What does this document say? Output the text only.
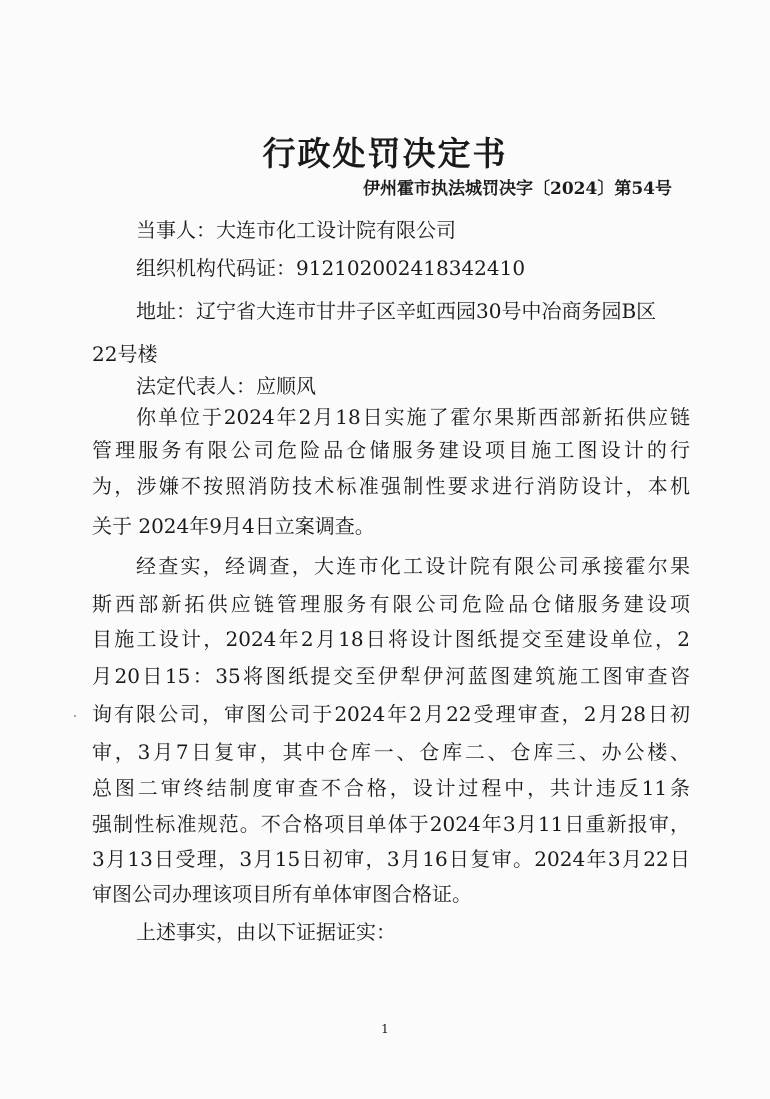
行政处罚决定书
伊州霍市执法城罚决字〔2024〕第54号
当事人：大连市化工设计院有限公司
组织机构代码证：912102002418342410
地址：辽宁省大连市甘井子区辛虹西园30号中冶商务园B区
22号楼
法定代表人：应顺风
你单位于2024年2月18日实施了霍尔果斯西部新拓供应链
管理服务有限公司危险品仓储服务建设项目施工图设计的行
为，涉嫌不按照消防技术标准强制性要求进行消防设计，本机
关于 2024年9月4日立案调查。
经查实，经调查，大连市化工设计院有限公司承接霍尔果
斯西部新拓供应链管理服务有限公司危险品仓储服务建设项
目施工设计，2024年2月18日将设计图纸提交至建设单位，2
月20日15：35将图纸提交至伊犁伊河蓝图建筑施工图审查咨
询有限公司，审图公司于2024年2月22受理审查，2月28日初
审，3月7日复审，其中仓库一、仓库二、仓库三、办公楼、
总图二审终结制度审查不合格，设计过程中，共计违反11条
强制性标准规范。不合格项目单体于2024年3月11日重新报审，
3月13日受理，3月15日初审，3月16日复审。2024年3月22日
审图公司办理该项目所有单体审图合格证。
上述事实，由以下证据证实：
1
